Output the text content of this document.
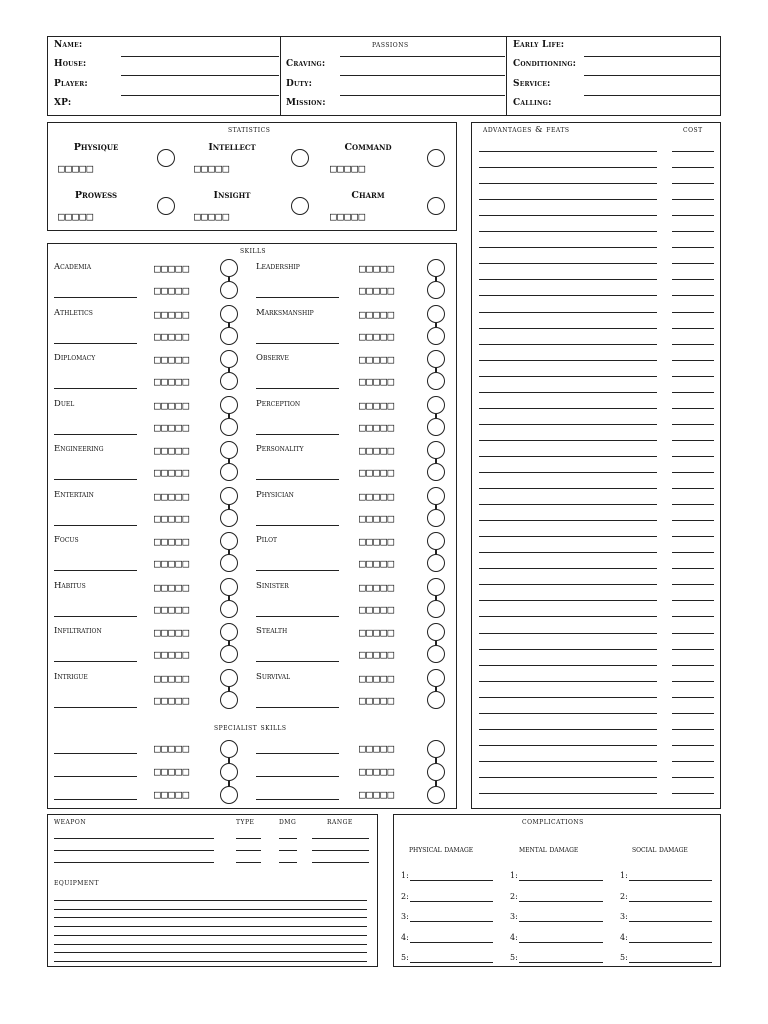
Name:
House:
Player:
XP:
passions
Craving:
Duty:
Mission:
Early Life:
Conditioning:
Service:
Calling:
statistics
Physique
□□□□□
Intellect
□□□□□
Command
□□□□□
Prowess
□□□□□
Insight
□□□□□
Charm
□□□□□
skills
Academia	□□□□□
□□□□□
Leadership	□□□□□
□□□□□
Athletics	□□□□□
□□□□□
Marksmanship	□□□□□
□□□□□
Diplomacy	□□□□□
□□□□□
Observe	□□□□□
□□□□□
Duel	□□□□□
□□□□□
Perception	□□□□□
□□□□□
Engineering	□□□□□
□□□□□
Personality	□□□□□
□□□□□
Entertain	□□□□□
□□□□□
Physician	□□□□□
□□□□□
Focus	□□□□□
□□□□□
Pilot	□□□□□
□□□□□
Habitus	□□□□□
□□□□□
Sinister	□□□□□
□□□□□
Infiltration	□□□□□
□□□□□
Stealth	□□□□□
□□□□□
Intrigue	□□□□□
□□□□□
Survival	□□□□□
□□□□□
specialist skills
□□□□□	□□□□□
□□□□□	□□□□□
□□□□□	□□□□□
advantages & feats	cost
weapon	type	dmg	range
equipment
complications
physical damage
1:
2:
3:
4:
5:
mental damage
1:
2:
3:
4:
5:
social damage
1:
2:
3:
4:
5:
